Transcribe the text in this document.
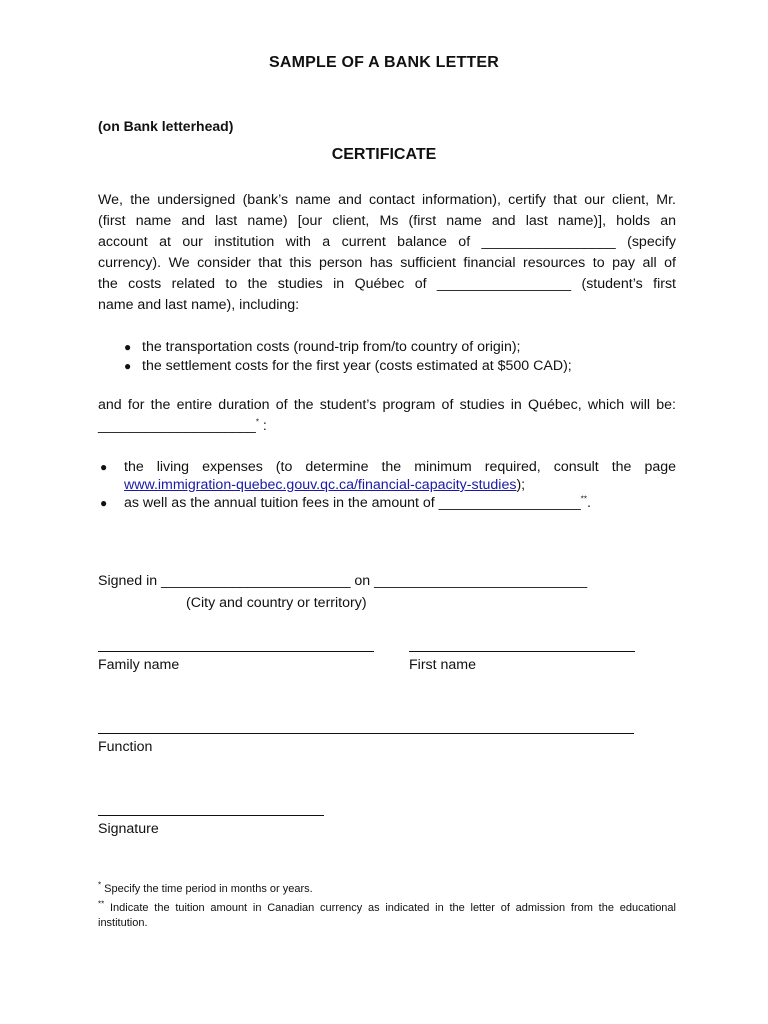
SAMPLE OF A BANK LETTER
(on Bank letterhead)
CERTIFICATE
We, the undersigned (bank’s name and contact information), certify that our client, Mr.
(first name and last name) [our client, Ms (first name and last name)], holds an
account at our institution with a current balance of _________________ (specify
currency). We consider that this person has sufficient financial resources to pay all of
the costs related to the studies in Québec of _________________ (student’s first
name and last name), including:
● the transportation costs (round-trip from/to country of origin);
● the settlement costs for the first year (costs estimated at $500 CAD);
and for the entire duration of the student’s program of studies in Québec, which will be:
____________________* :
● the living expenses (to determine the minimum required, consult the page
www.immigration-quebec.gouv.qc.ca/financial-capacity-studies);
● as well as the annual tuition fees in the amount of __________________**.
Signed in ________________________ on ___________________________
(City and country or territory)
Family name	First name
Function
Signature
* Specify the time period in months or years.
** Indicate the tuition amount in Canadian currency as indicated in the letter of admission from the educational
institution.
